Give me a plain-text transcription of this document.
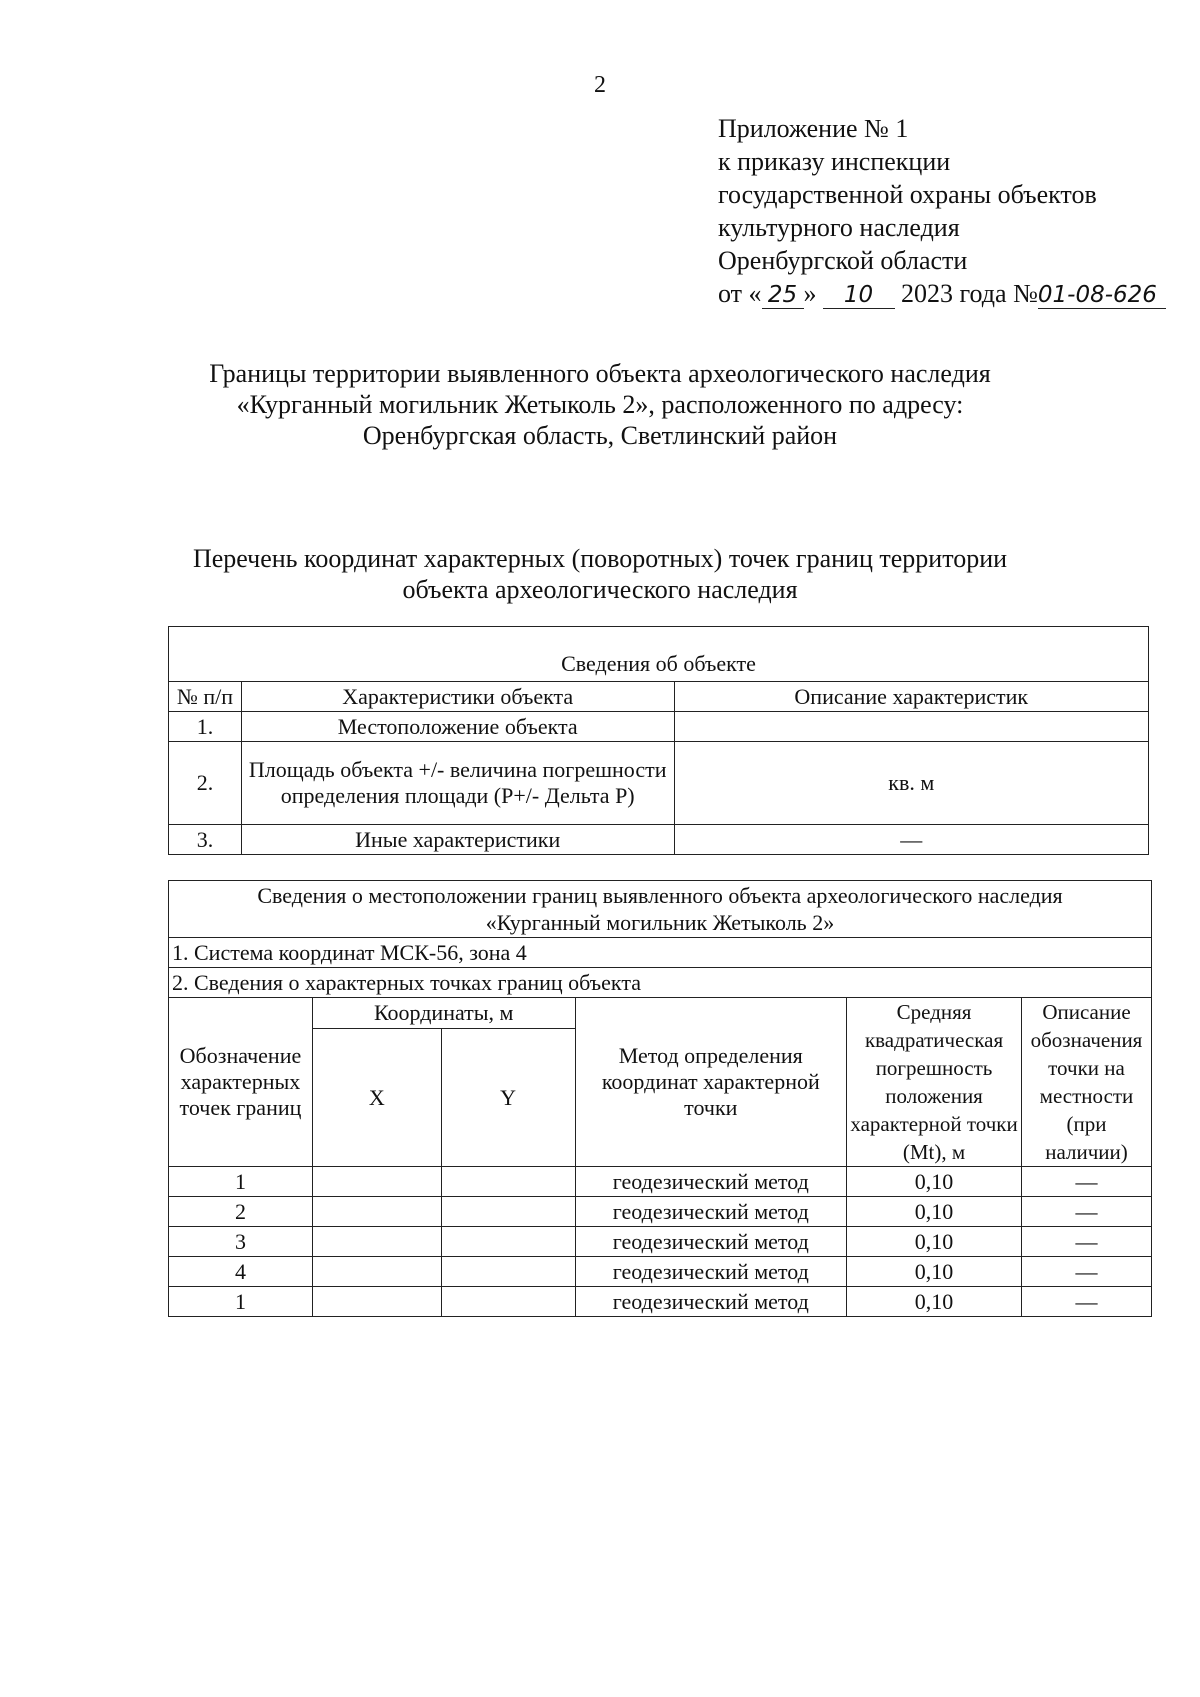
2
Приложение № 1
к приказу инспекции
государственной охраны объектов
культурного наследия
Оренбургской области
от « 25 » 10 2023 года №01-08-626
Границы территории выявленного объекта археологического наследия
«Курганный могильник Жетыколь 2», расположенного по адресу:
Оренбургская область, Светлинский район
Перечень координат характерных (поворотных) точек границ территории
объекта археологического наследия
Сведения об объекте		
№ п/п	Характеристики объекта	Описание характеристик
1.	Местоположение объекта	
2.	Площадь объекта +/- величина погрешности определения площади (Р+/- Дельта Р)	кв. м
3.	Иные характеристики	—
Сведения о местоположении границ выявленного объекта археологического наследия
«Курганный могильник Жетыколь 2»					

1. Система координат МСК-56, зона 4					
2. Сведения о характерных точках границ объекта					
Обозначение характерных точек границ	Координаты, м		Метод определения координат характерной точки	Средняя квадратическая погрешность положения характерной точки (Mt), м	Описание обозначения точки на местности (при наличии)
	X	Y			
1			геодезический метод	0,10	—
2			геодезический метод	0,10	—
3			геодезический метод	0,10	—
4			геодезический метод	0,10	—
1			геодезический метод	0,10	—
